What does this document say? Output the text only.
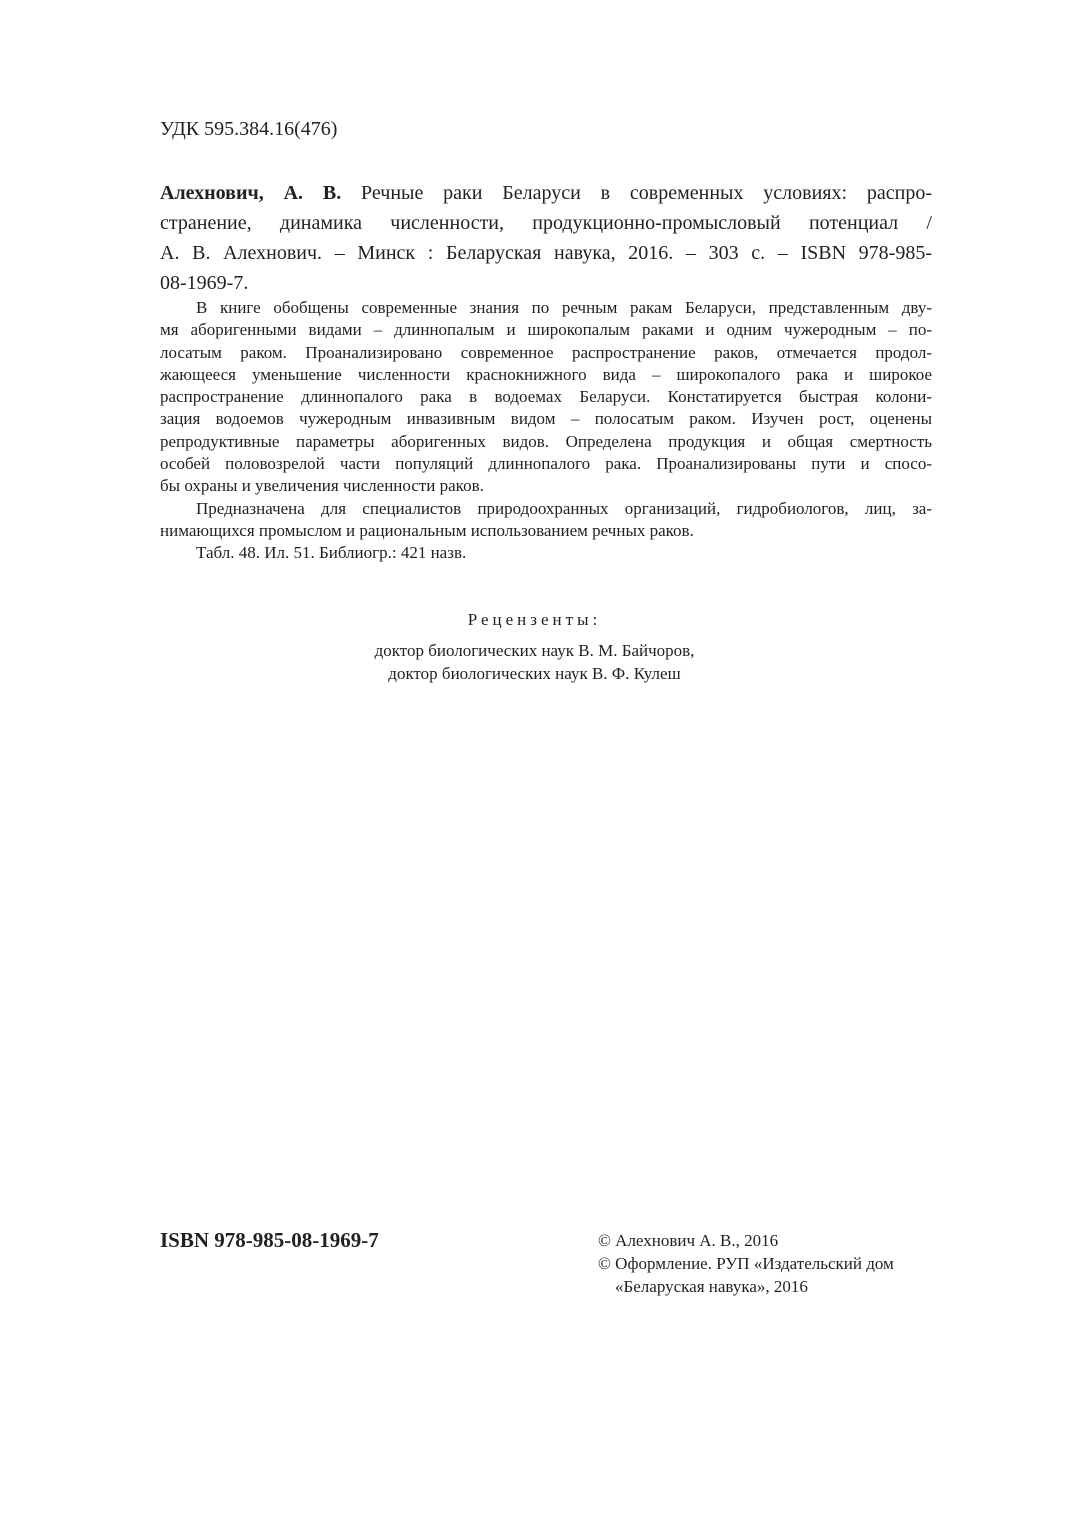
УДК 595.384.16(476)
Алехнович, А. В. Речные раки Беларуси в современных условиях: распро-
странение, динамика численности, продукционно-промысловый потенциал /
А. В. Алехнович. – Минск : Беларуская навука, 2016. – 303 с. – ISBN 978-985-
08-1969-7.
В книге обобщены современные знания по речным ракам Беларуси, представленным дву-
мя аборигенными видами – длиннопалым и широкопалым раками и одним чужеродным – по-
лосатым раком. Проанализировано современное распространение раков, отмечается продол-
жающееся уменьшение численности краснокнижного вида – широкопалого рака и широкое
распространение длиннопалого рака в водоемах Беларуси. Констатируется быстрая колони-
зация водоемов чужеродным инвазивным видом – полосатым раком. Изучен рост, оценены
репродуктивные параметры аборигенных видов. Определена продукция и общая смертность
особей половозрелой части популяций длиннопалого рака. Проанализированы пути и спосо-
бы охраны и увеличения численности раков.
Предназначена для специалистов природоохранных организаций, гидробиологов, лиц, за-
нимающихся промыслом и рациональным использованием речных раков.
Табл. 48. Ил. 51. Библиогр.: 421 назв.
Рецензенты:
доктор биологических наук В. М. Байчоров,
доктор биологических наук В. Ф. Кулеш
ISBN 978-985-08-1969-7	© Алехнович А. В., 2016
© Оформление. РУП «Издательский дом
«Беларуская навука», 2016
